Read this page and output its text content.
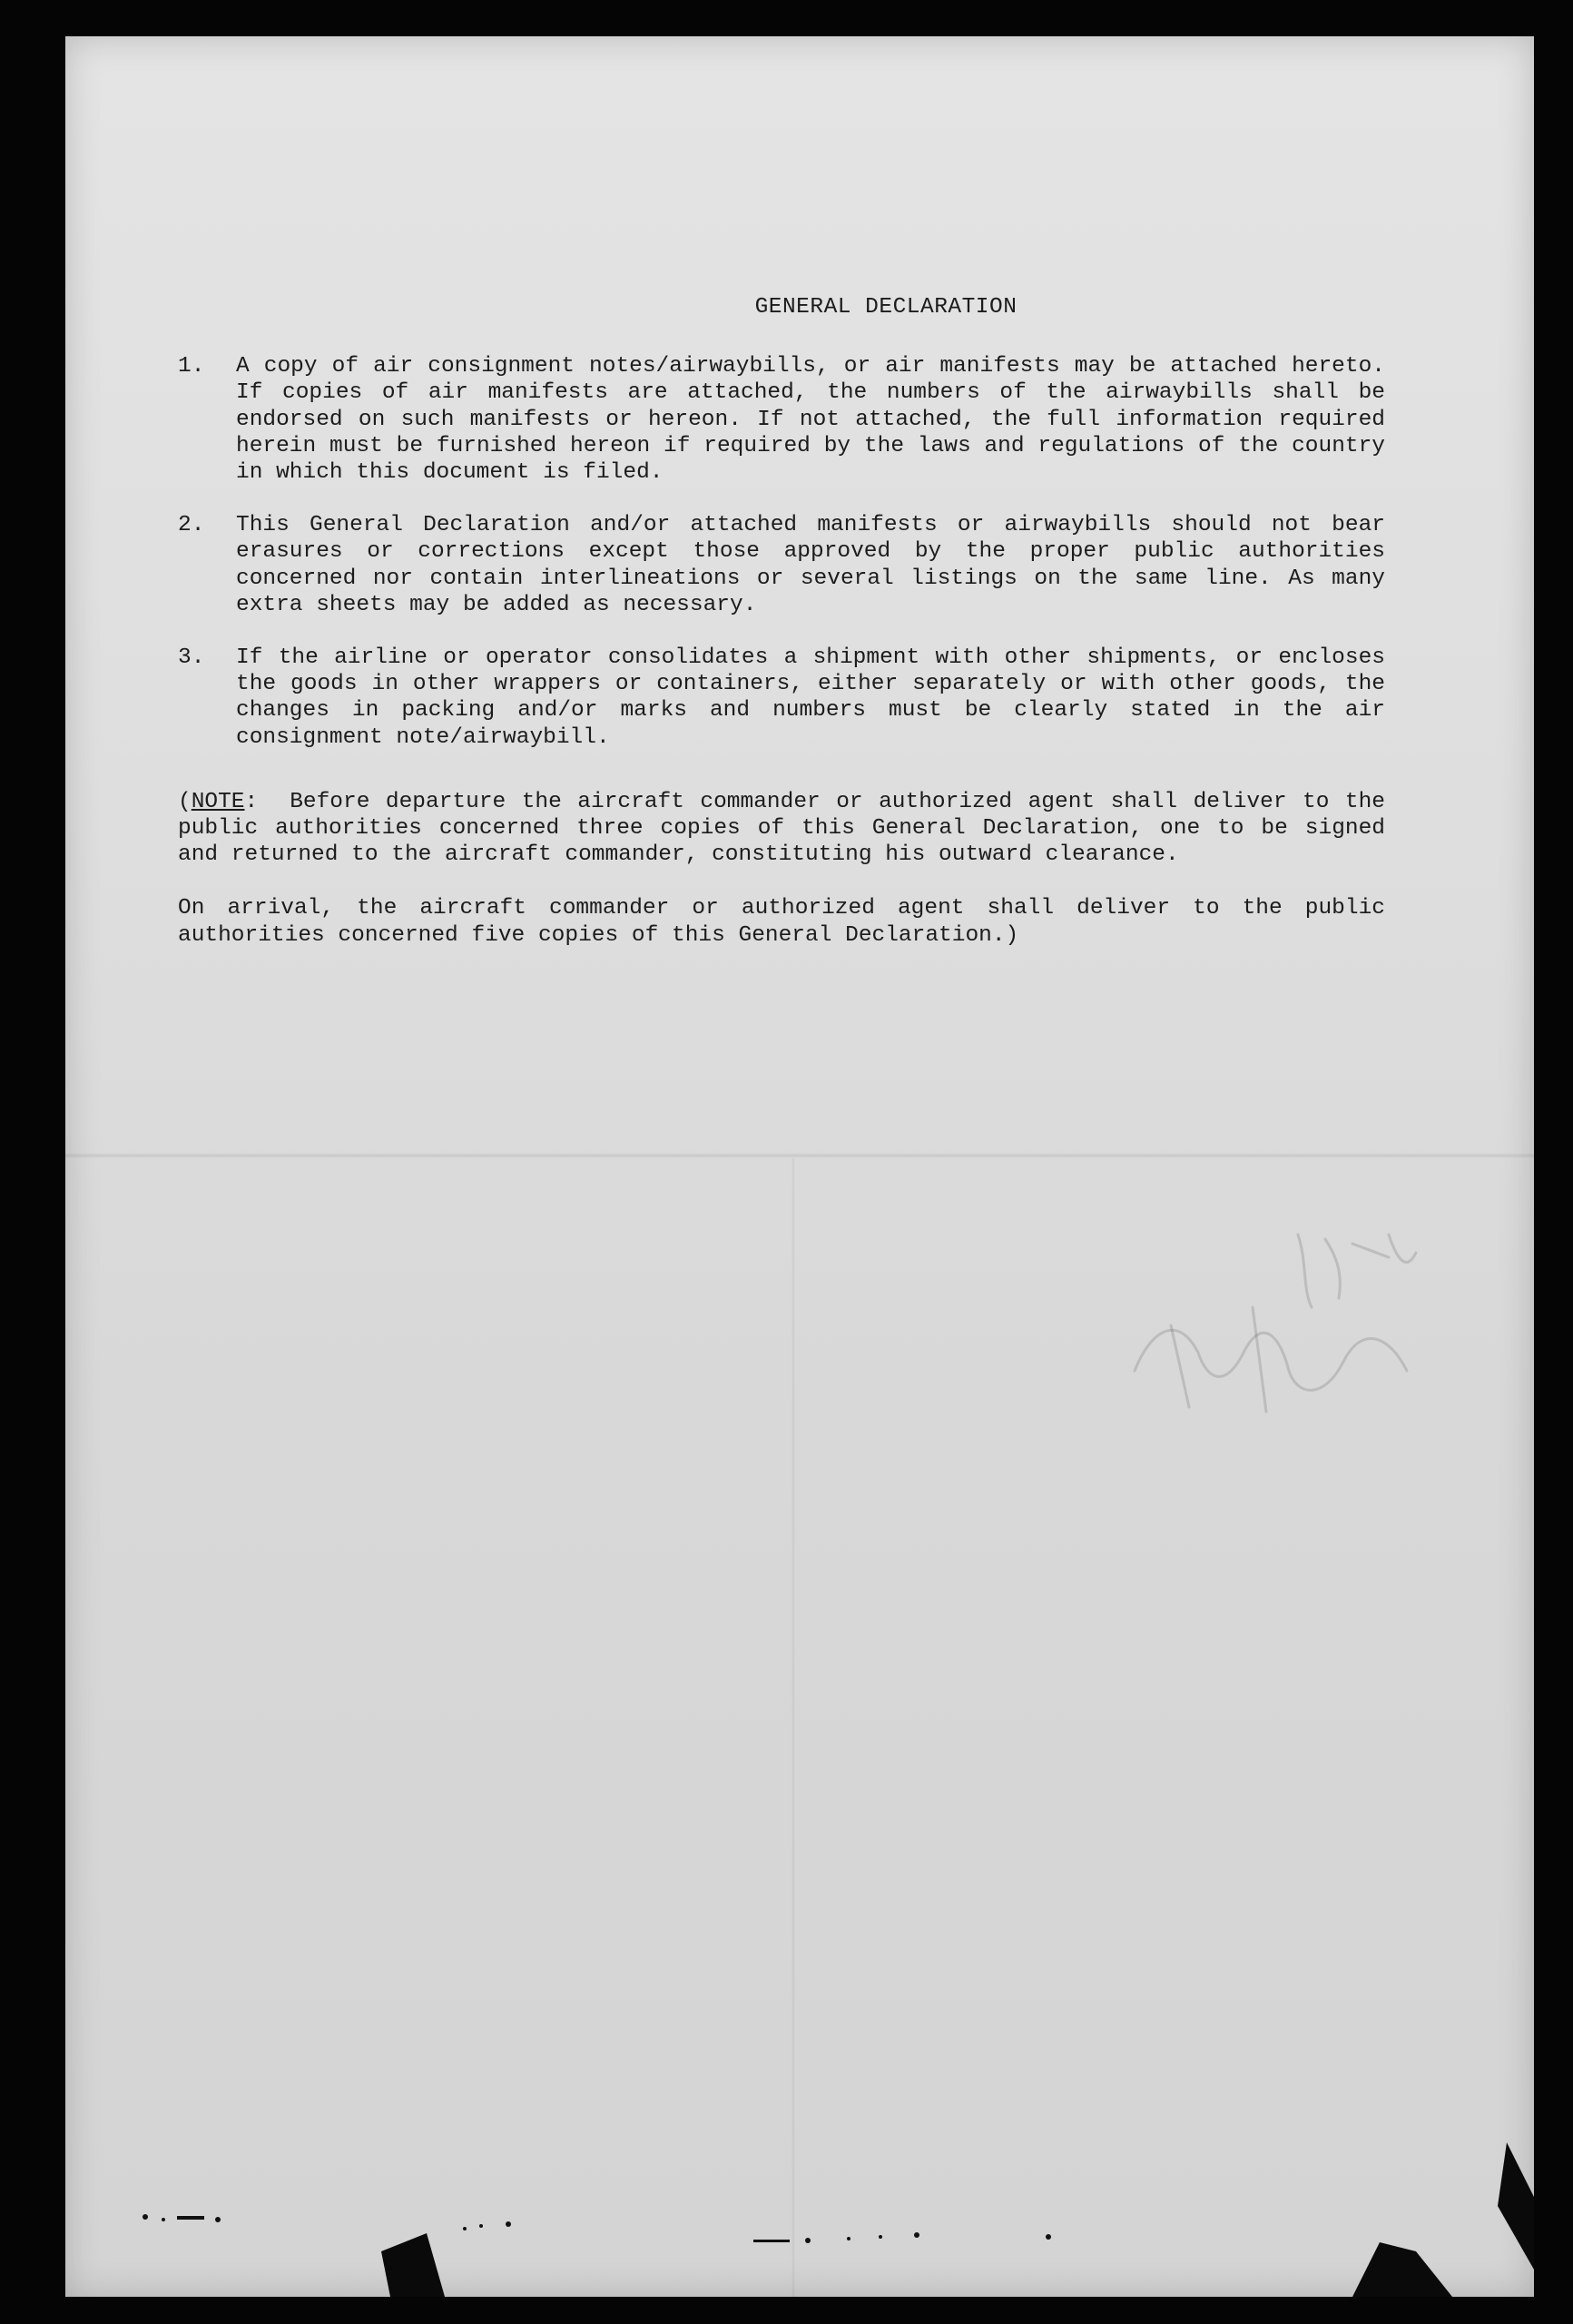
GENERAL DECLARATION
1.	A copy of air consignment notes/airwaybills, or air manifests may be attached hereto. If copies of air manifests are attached, the numbers of the airwaybills shall be endorsed on such manifests or hereon. If not attached, the full information required herein must be furnished hereon if required by the laws and regulations of the country in which this document is filed.
2.	This General Declaration and/or attached manifests or airwaybills should not bear erasures or corrections except those approved by the proper public authorities concerned nor contain interlineations or several listings on the same line. As many extra sheets may be added as necessary.
3.	If the airline or operator consolidates a shipment with other shipments, or encloses the goods in other wrappers or containers, either separately or with other goods, the changes in packing and/or marks and numbers must be clearly stated in the air consignment note/airwaybill.
(NOTE:  Before departure the aircraft commander or authorized agent shall deliver to the public authorities concerned three copies of this General Declaration, one to be signed and returned to the aircraft commander, constituting his outward clearance.
On arrival, the aircraft commander or authorized agent shall deliver to the public authorities concerned five copies of this General Declaration.)
